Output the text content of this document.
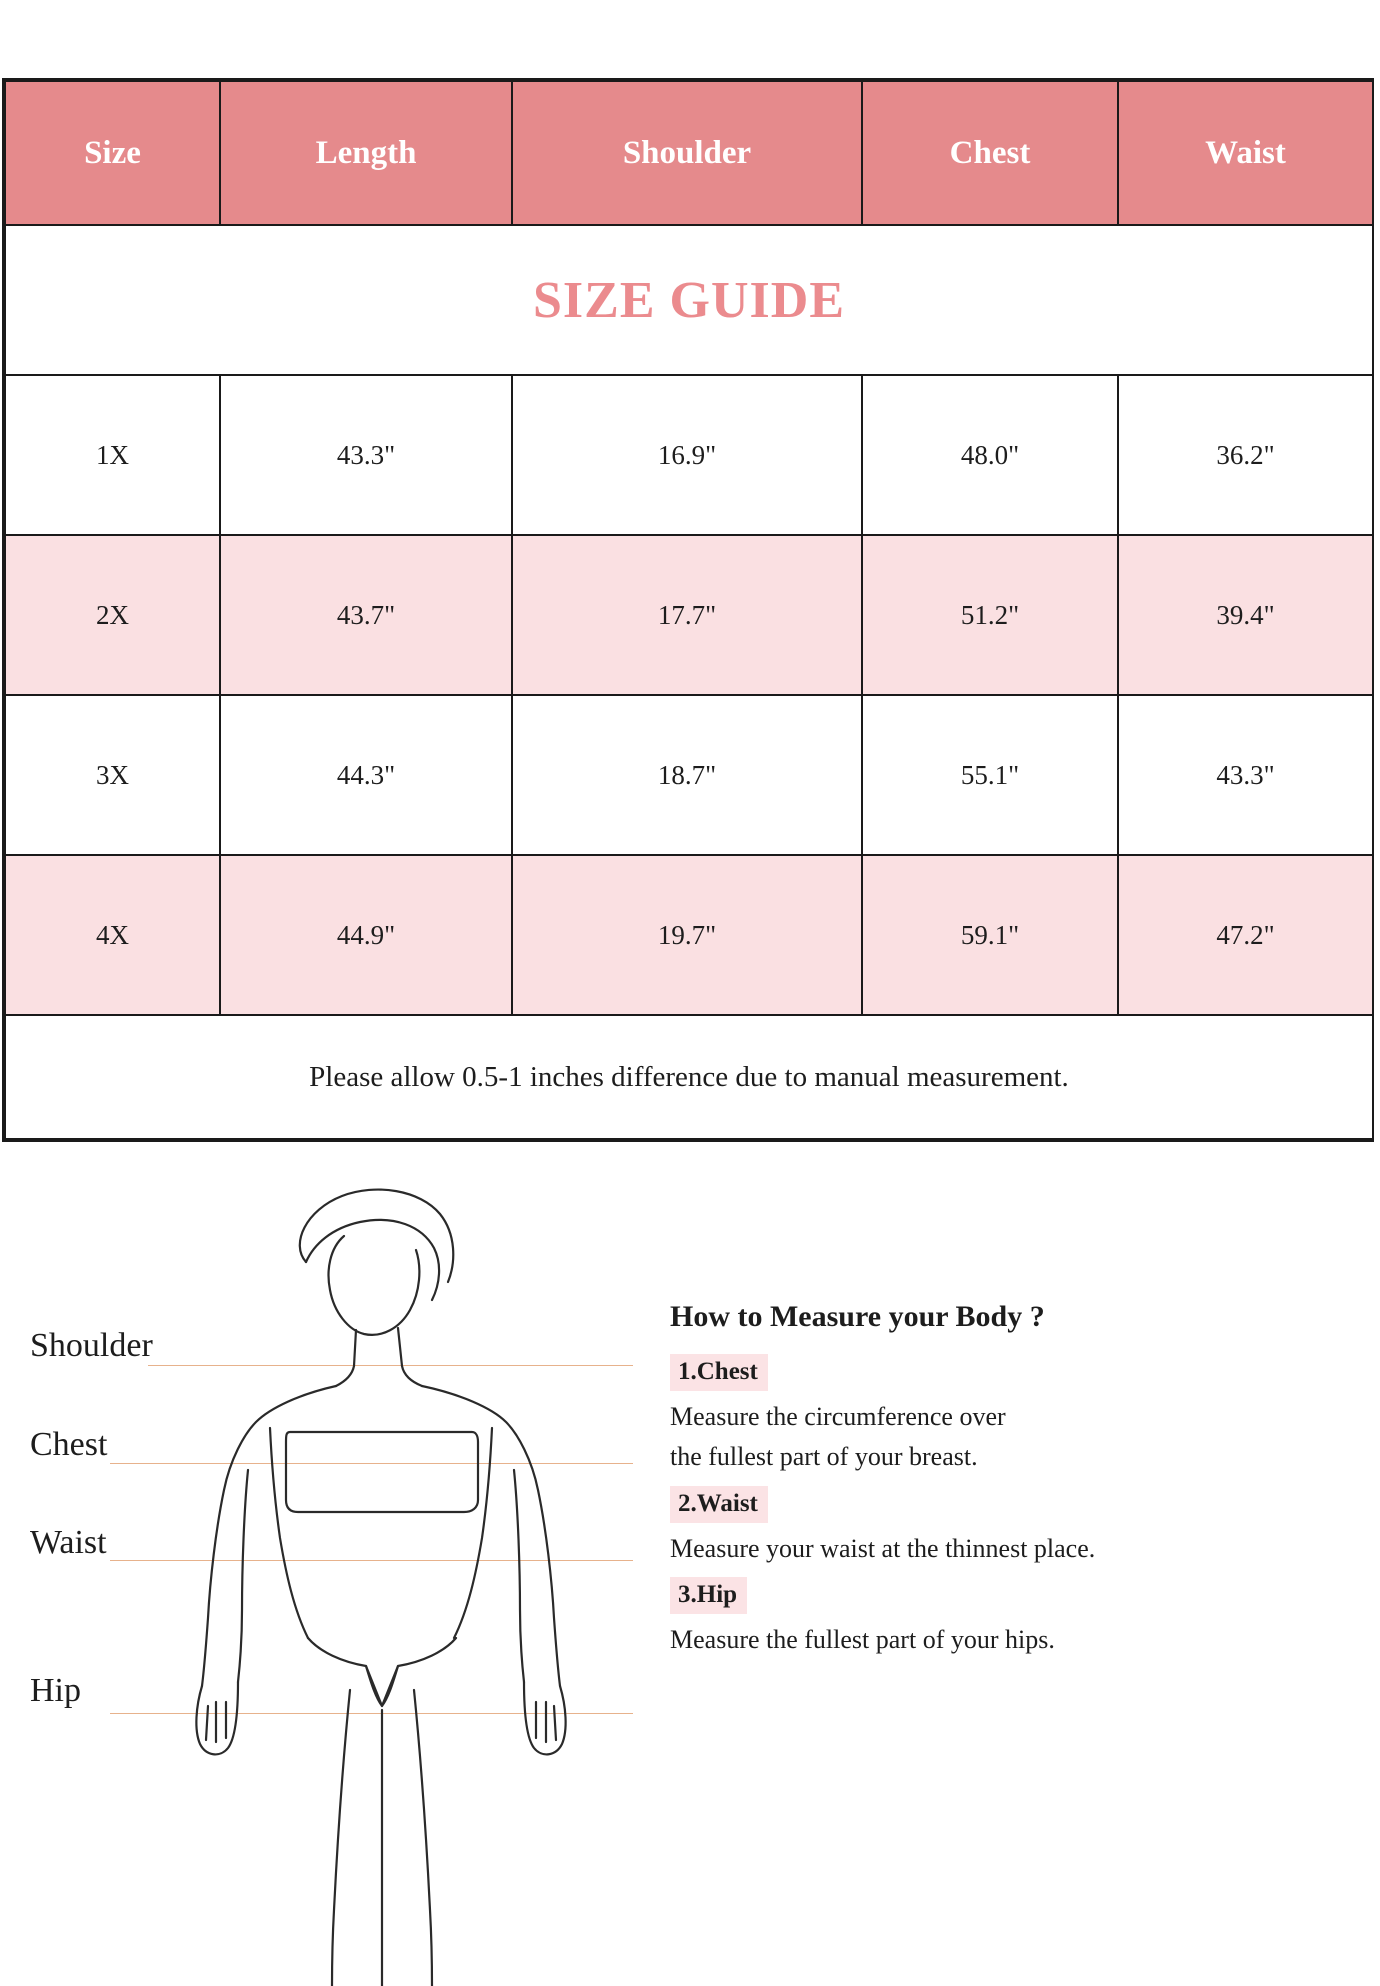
SIZE GUIDE				
Size	Length	Shoulder	Chest	Waist
1X	43.3"	16.9"	48.0"	36.2"
2X	43.7"	17.7"	51.2"	39.4"
3X	44.3"	18.7"	55.1"	43.3"
4X	44.9"	19.7"	59.1"	47.2"
Please allow 0.5-1 inches difference due to manual measurement.				
Shoulder
Chest
Waist
Hip
How to Measure your Body ?
1.Chest
Measure the circumference over
the fullest part of your breast.
2.Waist
Measure your waist at the thinnest place.
3.Hip
Measure the fullest part of your hips.
